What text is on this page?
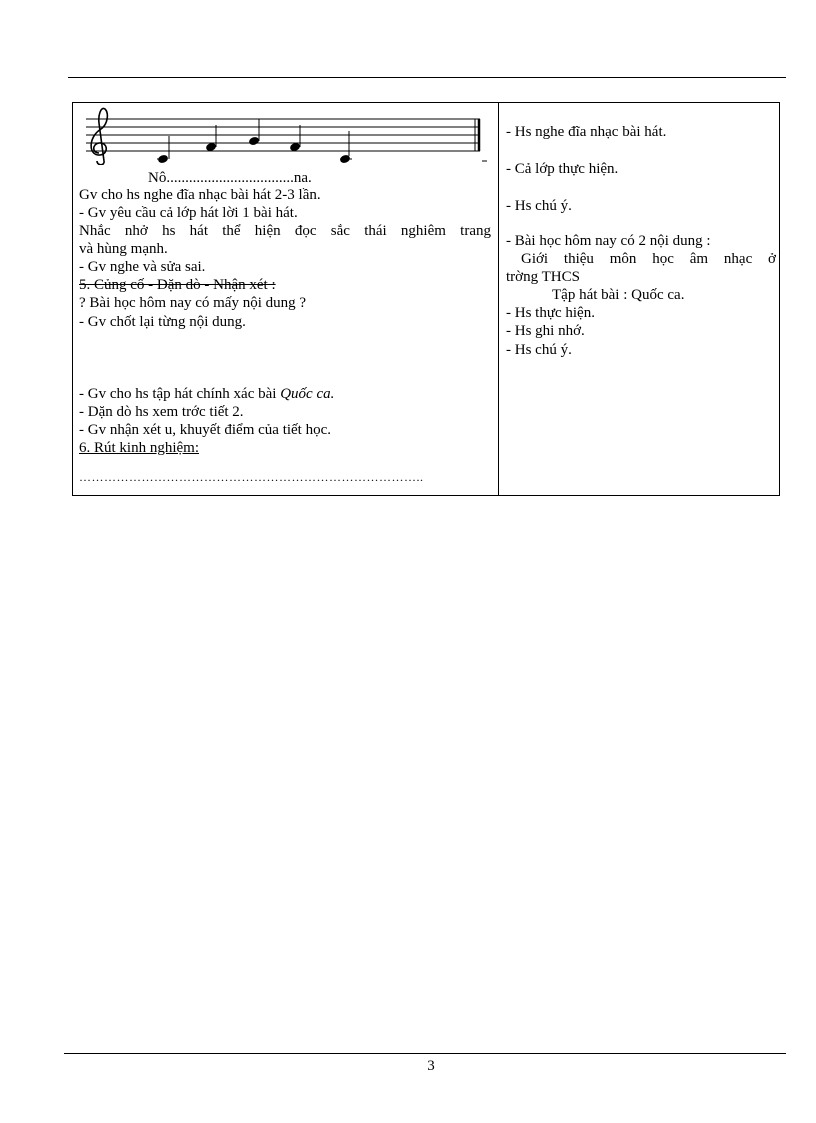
Nô..................................na.
Gv cho hs nghe đĩa nhạc bài hát 2-3 lần.
- Gv yêu cầu cả lớp hát lời 1 bài hát.
Nhắc nhở hs hát thể hiện đọc sắc thái nghiêm trang
và hùng mạnh.
- Gv nghe và sửa sai.
5. Củng cố - Dặn dò - Nhận xét :
? Bài học hôm nay có mấy nội dung ?
- Gv chốt lại từng nội dung.
- Gv cho hs tập hát chính xác bài Quốc ca.
- Dặn dò hs xem trớc tiết 2.
- Gv nhận xét u, khuyết điểm của tiết học.
6. Rút kinh nghiệm:
………………………………………………………………………..
- Hs nghe đĩa nhạc bài hát.
- Cả lớp thực hiện.
- Hs chú ý.
- Bài học hôm nay có 2 nội dung :
Giới thiệu môn học âm nhạc ở
trờng THCS
Tập hát bài : Quốc ca.
- Hs thực hiện.
- Hs ghi nhớ.
- Hs chú ý.
3
